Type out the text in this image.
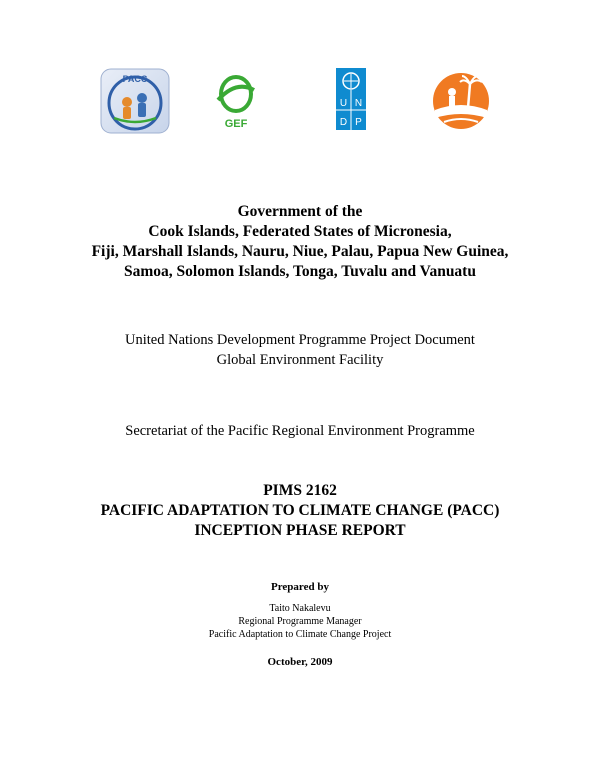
PACC
GEF
U N
D P
Government of the
Cook Islands, Federated States of Micronesia,
Fiji, Marshall Islands, Nauru, Niue, Palau, Papua New Guinea,
Samoa, Solomon Islands, Tonga, Tuvalu and Vanuatu
United Nations Development Programme Project Document
Global Environment Facility
Secretariat of the Pacific Regional Environment Programme
PIMS 2162
PACIFIC ADAPTATION TO CLIMATE CHANGE (PACC)
INCEPTION PHASE REPORT
Prepared by
Taito Nakalevu
Regional Programme Manager
Pacific Adaptation to Climate Change Project
October, 2009
